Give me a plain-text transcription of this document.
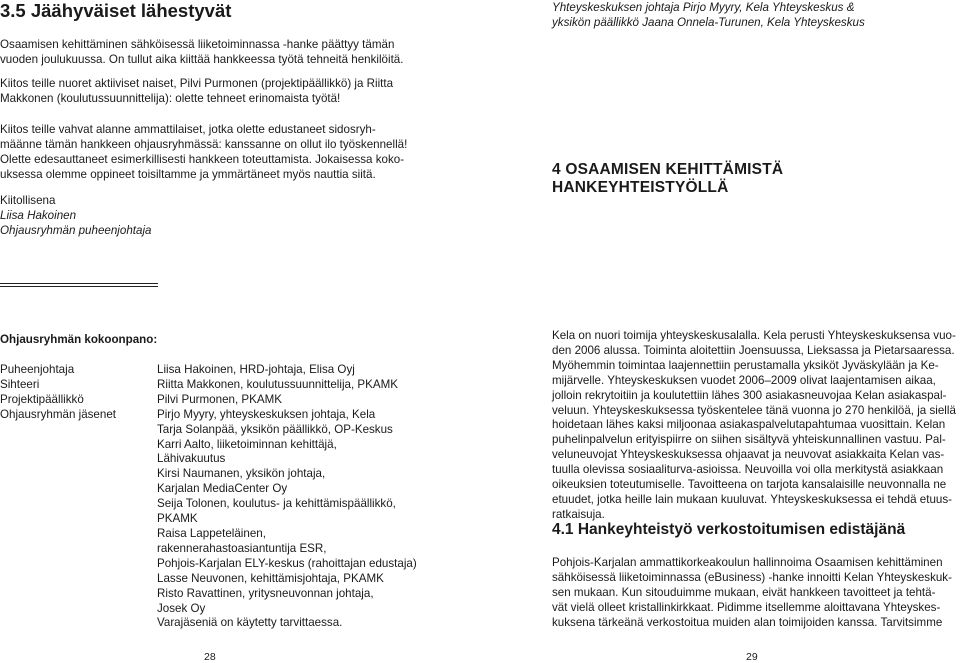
3.5 Jäähyväiset lähestyvät
Osaamisen kehittäminen sähköisessä liiketoiminnassa -hanke päättyy tämän
vuoden joulukuussa. On tullut aika kiittää hankkeessa työtä tehneitä henkilöitä.
Kiitos teille nuoret aktiiviset naiset, Pilvi Purmonen (projektipäällikkö) ja Riitta
Makkonen (koulutussuunnittelija): olette tehneet erinomaista työtä!
Kiitos teille vahvat alanne ammattilaiset, jotka olette edustaneet sidosryh-
määnne tämän hankkeen ohjausryhmässä: kanssanne on ollut ilo työskennellä!
Olette edesauttaneet esimerkillisesti hankkeen toteuttamista. Jokaisessa koko-
uksessa olemme oppineet toisiltamme ja ymmärtäneet myös nauttia siitä.
Kiitollisena
Liisa Hakoinen
Ohjausryhmän puheenjohtaja
Ohjausryhmän kokoonpano:
Puheenjohtaja
Sihteeri
Projektipäällikkö
Ohjausryhmän jäsenet
Liisa Hakoinen, HRD-johtaja, Elisa Oyj
Riitta Makkonen, koulutussuunnittelija, PKAMK
Pilvi Purmonen, PKAMK
Pirjo Myyry, yhteyskeskuksen johtaja, Kela
Tarja Solanpää, yksikön päällikkö, OP-Keskus
Karri Aalto, liiketoiminnan kehittäjä,
Lähivakuutus
Kirsi Naumanen, yksikön johtaja,
Karjalan MediaCenter Oy
Seija Tolonen, koulutus- ja kehittämispäällikkö,
PKAMK
Raisa Lappeteläinen,
rakennerahastoasiantuntija ESR,
Pohjois-Karjalan ELY-keskus (rahoittajan edustaja)
Lasse Neuvonen, kehittämisjohtaja, PKAMK
Risto Ravattinen, yritysneuvonnan johtaja,
Josek Oy
Varajäseniä on käytetty tarvittaessa.
28
Yhteyskeskuksen johtaja Pirjo Myyry, Kela Yhteyskeskus &
yksikön päällikkö Jaana Onnela-Turunen, Kela Yhteyskeskus
4 OSAAMISEN KEHITTÄMISTÄ HANKEYHTEISTYÖLLÄ
Kela on nuori toimija yhteyskeskusalalla. Kela perusti Yhteyskeskuksensa vuo-
den 2006 alussa. Toiminta aloitettiin Joensuussa, Lieksassa ja Pietarsaaressa.
Myöhemmin toimintaa laajennettiin perustamalla yksiköt Jyväskylään ja Ke-
mijärvelle. Yhteyskeskuksen vuodet 2006–2009 olivat laajentamisen aikaa,
jolloin rekrytoitiin ja koulutettiin lähes 300 asiakasneuvojaa Kelan asiakaspal-
veluun. Yhteyskeskuksessa työskentelee tänä vuonna jo 270 henkilöä, ja siellä
hoidetaan lähes kaksi miljoonaa asiakaspalvelutapahtumaa vuosittain. Kelan
puhelinpalvelun erityispiirre on siihen sisältyvä yhteiskunnallinen vastuu. Pal-
veluneuvojat Yhteyskeskuksessa ohjaavat ja neuvovat asiakkaita Kelan vas-
tuulla olevissa sosiaaliturva-asioissa. Neuvoilla voi olla merkitystä asiakkaan
oikeuksien toteutumiselle. Tavoitteena on tarjota kansalaisille neuvonnalla ne
etuudet, jotka heille lain mukaan kuuluvat. Yhteyskeskuksessa ei tehdä etuus-
ratkaisuja.
4.1 Hankeyhteistyö verkostoitumisen edistäjänä
Pohjois-Karjalan ammattikorkeakoulun hallinnoima Osaamisen kehittäminen
sähköisessä liiketoiminnassa (eBusiness) -hanke innoitti Kelan Yhteyskeskuk-
sen mukaan. Kun sitouduimme mukaan, eivät hankkeen tavoitteet ja tehtä-
vät vielä olleet kristallinkirkkaat. Pidimme itsellemme aloittavana Yhteyskes-
kuksena tärkeänä verkostoitua muiden alan toimijoiden kanssa. Tarvitsimme
29
